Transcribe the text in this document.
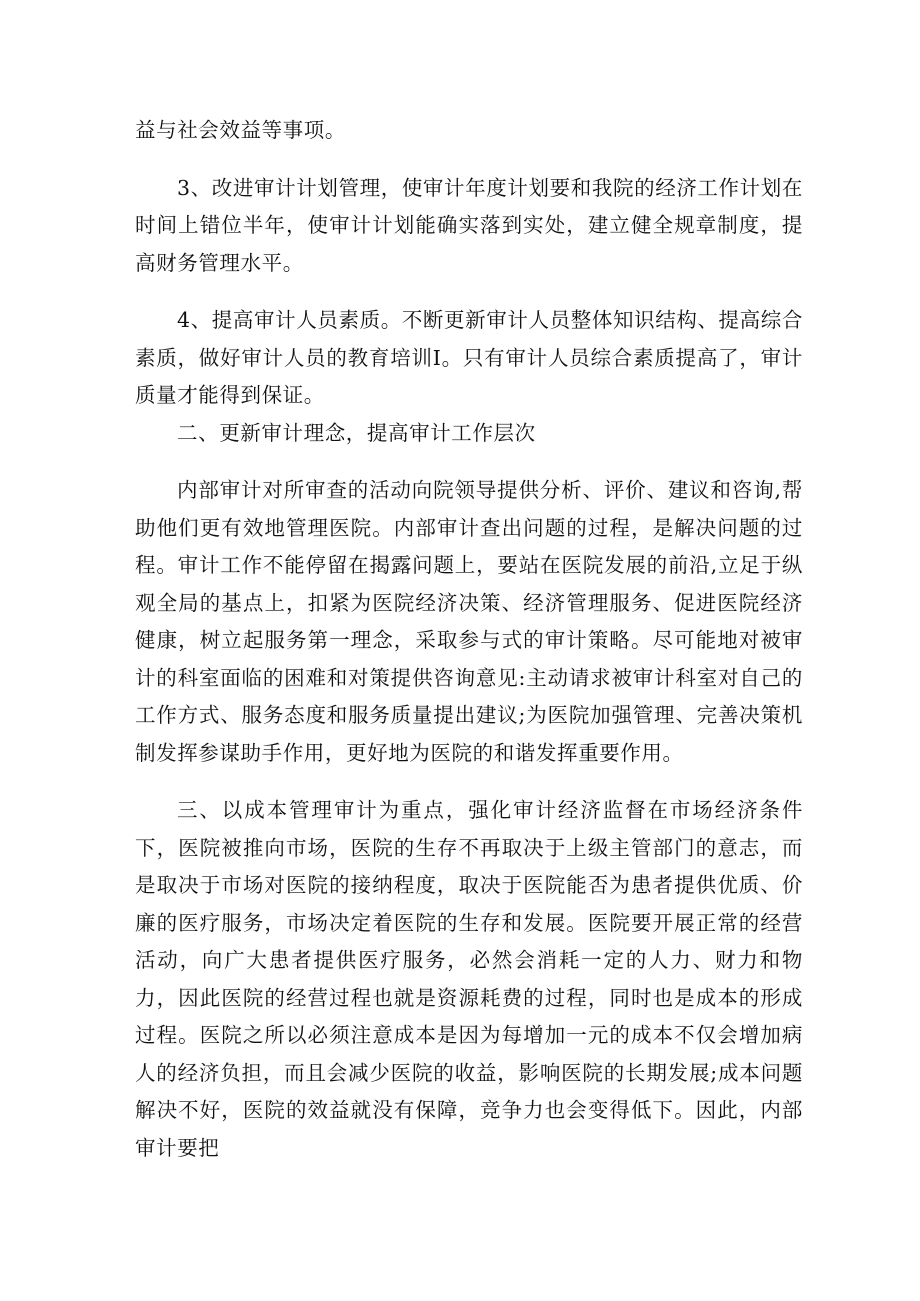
益与社会效益等事项。

3、改进审计计划管理，使审计年度计划要和我院的经济工作计划在时间上错位半年，使审计计划能确实落到实处，建立健全规章制度，提高财务管理水平。

4、提高审计人员素质。不断更新审计人员整体知识结构、提高综合素质，做好审计人员的教育培训I。只有审计人员综合素质提高了，审计质量才能得到保证。

二、更新审计理念，提高审计工作层次

内部审计对所审查的活动向院领导提供分析、评价、建议和咨询,帮助他们更有效地管理医院。内部审计查出问题的过程，是解决问题的过程。审计工作不能停留在揭露问题上，要站在医院发展的前沿,立足于纵观全局的基点上，扣紧为医院经济决策、经济管理服务、促进医院经济健康，树立起服务第一理念，采取参与式的审计策略。尽可能地对被审计的科室面临的困难和对策提供咨询意见:主动请求被审计科室对自己的工作方式、服务态度和服务质量提出建议;为医院加强管理、完善决策机制发挥参谋助手作用，更好地为医院的和谐发挥重要作用。

三、以成本管理审计为重点，强化审计经济监督在市场经济条件下，医院被推向市场，医院的生存不再取决于上级主管部门的意志，而是取决于市场对医院的接纳程度，取决于医院能否为患者提供优质、价廉的医疗服务，市场决定着医院的生存和发展。医院要开展正常的经营活动，向广大患者提供医疗服务，必然会消耗一定的人力、财力和物力，因此医院的经营过程也就是资源耗费的过程，同时也是成本的形成过程。医院之所以必须注意成本是因为每增加一元的成本不仅会增加病人的经济负担，而且会减少医院的收益，影响医院的长期发展;成本问题解决不好，医院的效益就没有保障，竞争力也会变得低下。因此，内部审计要把
